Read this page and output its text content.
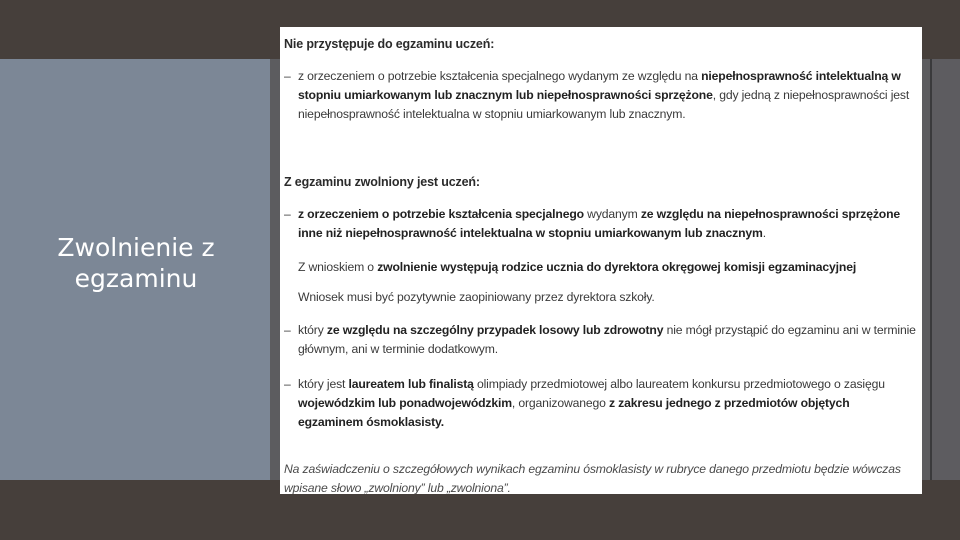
Zwolnienie z
egzaminu
Nie przystępuje do egzaminu uczeń:
– z orzeczeniem o potrzebie kształcenia specjalnego wydanym ze względu na niepełnosprawność intelektualną w stopniu umiarkowanym lub znacznym lub niepełnosprawności sprzężone, gdy jedną z niepełnosprawności jest niepełnosprawność intelektualna w stopniu umiarkowanym lub znacznym.
Z egzaminu zwolniony jest uczeń:
– z orzeczeniem o potrzebie kształcenia specjalnego wydanym ze względu na niepełnosprawności sprzężone inne niż niepełnosprawność intelektualna w stopniu umiarkowanym lub znacznym.
Z wnioskiem o zwolnienie występują rodzice ucznia do dyrektora okręgowej komisji egzaminacyjnej
Wniosek musi być pozytywnie zaopiniowany przez dyrektora szkoły.
– który ze względu na szczególny przypadek losowy lub zdrowotny nie mógł przystąpić do egzaminu ani w terminie głównym, ani w terminie dodatkowym.
– który jest laureatem lub finalistą olimpiady przedmiotowej albo laureatem konkursu przedmiotowego o zasięgu wojewódzkim lub ponadwojewódzkim, organizowanego z zakresu jednego z przedmiotów objętych egzaminem ósmoklasisty.
Na zaświadczeniu o szczegółowych wynikach egzaminu ósmoklasisty w rubryce danego przedmiotu będzie wówczas wpisane słowo „zwolniony” lub „zwolniona”.
